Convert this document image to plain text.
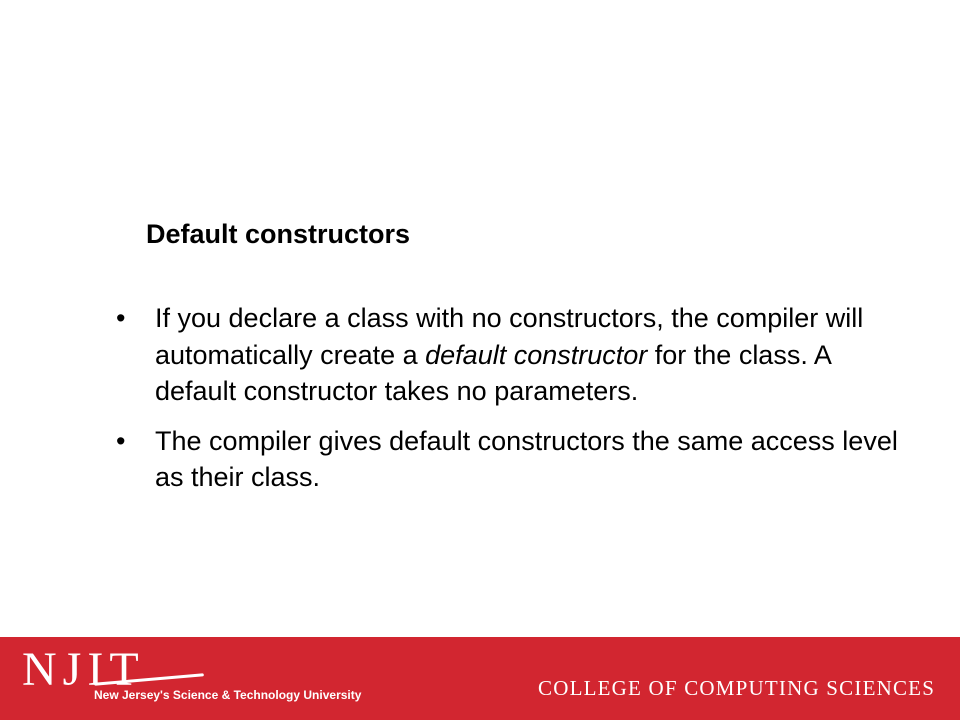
Default constructors
• If you declare a class with no constructors, the compiler will automatically create a default constructor for the class. A default constructor takes no parameters.
• The compiler gives default constructors the same access level as their class.
NJIT
New Jersey's Science & Technology University	COLLEGE OF COMPUTING SCIENCES
